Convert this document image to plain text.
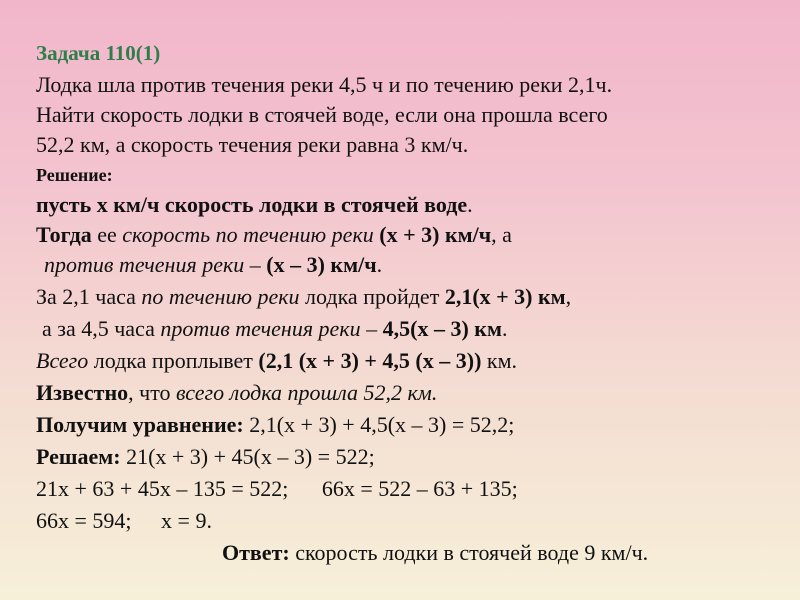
Задача 110(1)
Лодка шла против течения реки 4,5 ч и по течению реки 2,1ч.
Найти скорость лодки в стоячей воде, если она прошла всего
52,2 км, а скорость течения реки равна 3 км/ч.
Решение:
пусть х км/ч скорость лодки в стоячей воде.
Тогда ее скорость по течению реки (х + 3) км/ч, а
против течения реки – (х – 3) км/ч.
За 2,1 часа по течению реки лодка пройдет 2,1(х + 3) км,
а за 4,5 часа против течения реки – 4,5(х – 3) км.
Всего лодка проплывет (2,1 (х + 3) + 4,5 (х – 3)) км.
Известно, что всего лодка прошла 52,2 км.
Получим уравнение: 2,1(х + 3) + 4,5(х – 3) = 52,2;
Решаем: 21(х + 3) + 45(х – 3) = 522;
21х + 63 + 45х – 135 = 522; 66х = 522 – 63 + 135;
66х = 594; х = 9.
Ответ: скорость лодки в стоячей воде 9 км/ч.
